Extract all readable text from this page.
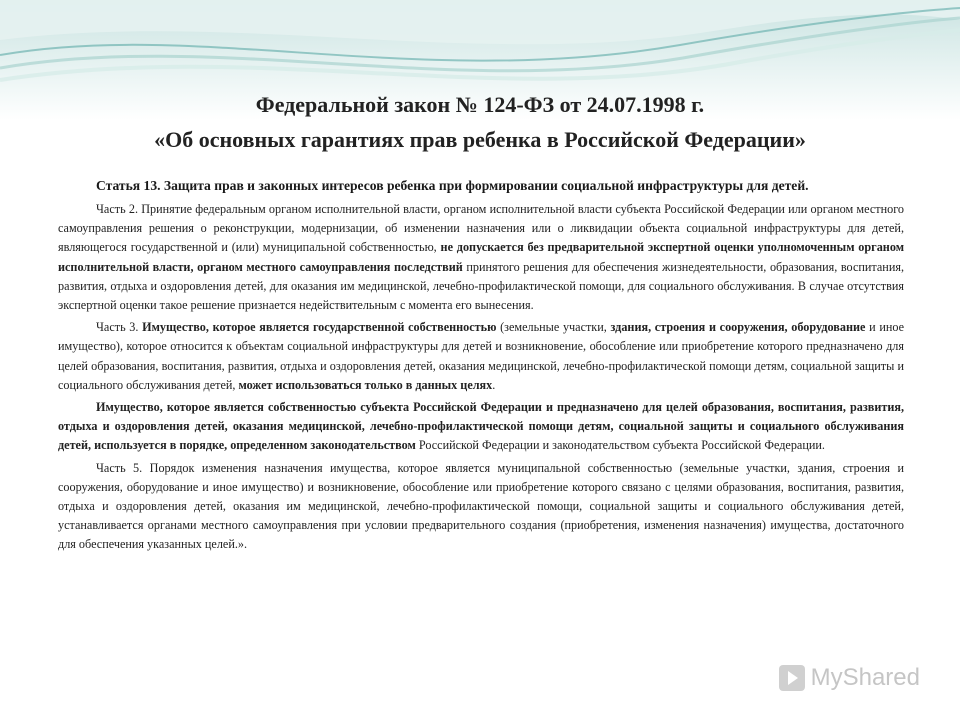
Федеральной закон № 124-ФЗ от 24.07.1998 г.
«Об основных гарантиях прав ребенка в Российской Федерации»

Статья 13. Защита прав и законных интересов ребенка при формировании социальной инфраструктуры для детей.

Часть 2. Принятие федеральным органом исполнительной власти, органом исполнительной власти субъекта Российской Федерации или органом местного самоуправления решения о реконструкции, модернизации, об изменении назначения или о ликвидации объекта социальной инфраструктуры для детей, являющегося государственной и (или) муниципальной собственностью, не допускается без предварительной экспертной оценки уполномоченным органом исполнительной власти, органом местного самоуправления последствий принятого решения для обеспечения жизнедеятельности, образования, воспитания, развития, отдыха и оздоровления детей, для оказания им медицинской, лечебно-профилактической помощи, для социального обслуживания. В случае отсутствия экспертной оценки такое решение признается недействительным с момента его вынесения.

Часть 3. Имущество, которое является государственной собственностью (земельные участки, здания, строения и сооружения, оборудование и иное имущество), которое относится к объектам социальной инфраструктуры для детей и возникновение, обособление или приобретение которого предназначено для целей образования, воспитания, развития, отдыха и оздоровления детей, оказания медицинской, лечебно-профилактической помощи детям, социальной защиты и социального обслуживания детей, может использоваться только в данных целях.

Имущество, которое является собственностью субъекта Российской Федерации и предназначено для целей образования, воспитания, развития, отдыха и оздоровления детей, оказания медицинской, лечебно-профилактической помощи детям, социальной защиты и социального обслуживания детей, используется в порядке, определенном законодательством Российской Федерации и законодательством субъекта Российской Федерации.

Часть 5. Порядок изменения назначения имущества, которое является муниципальной собственностью (земельные участки, здания, строения и сооружения, оборудование и иное имущество) и возникновение, обособление или приобретение которого связано с целями образования, воспитания, развития, отдыха и оздоровления детей, оказания им медицинской, лечебно-профилактической помощи, социальной защиты и социального обслуживания детей, устанавливается органами местного самоуправления при условии предварительного создания (приобретения, изменения назначения) имущества, достаточного для обеспечения указанных целей.».

MyShared
